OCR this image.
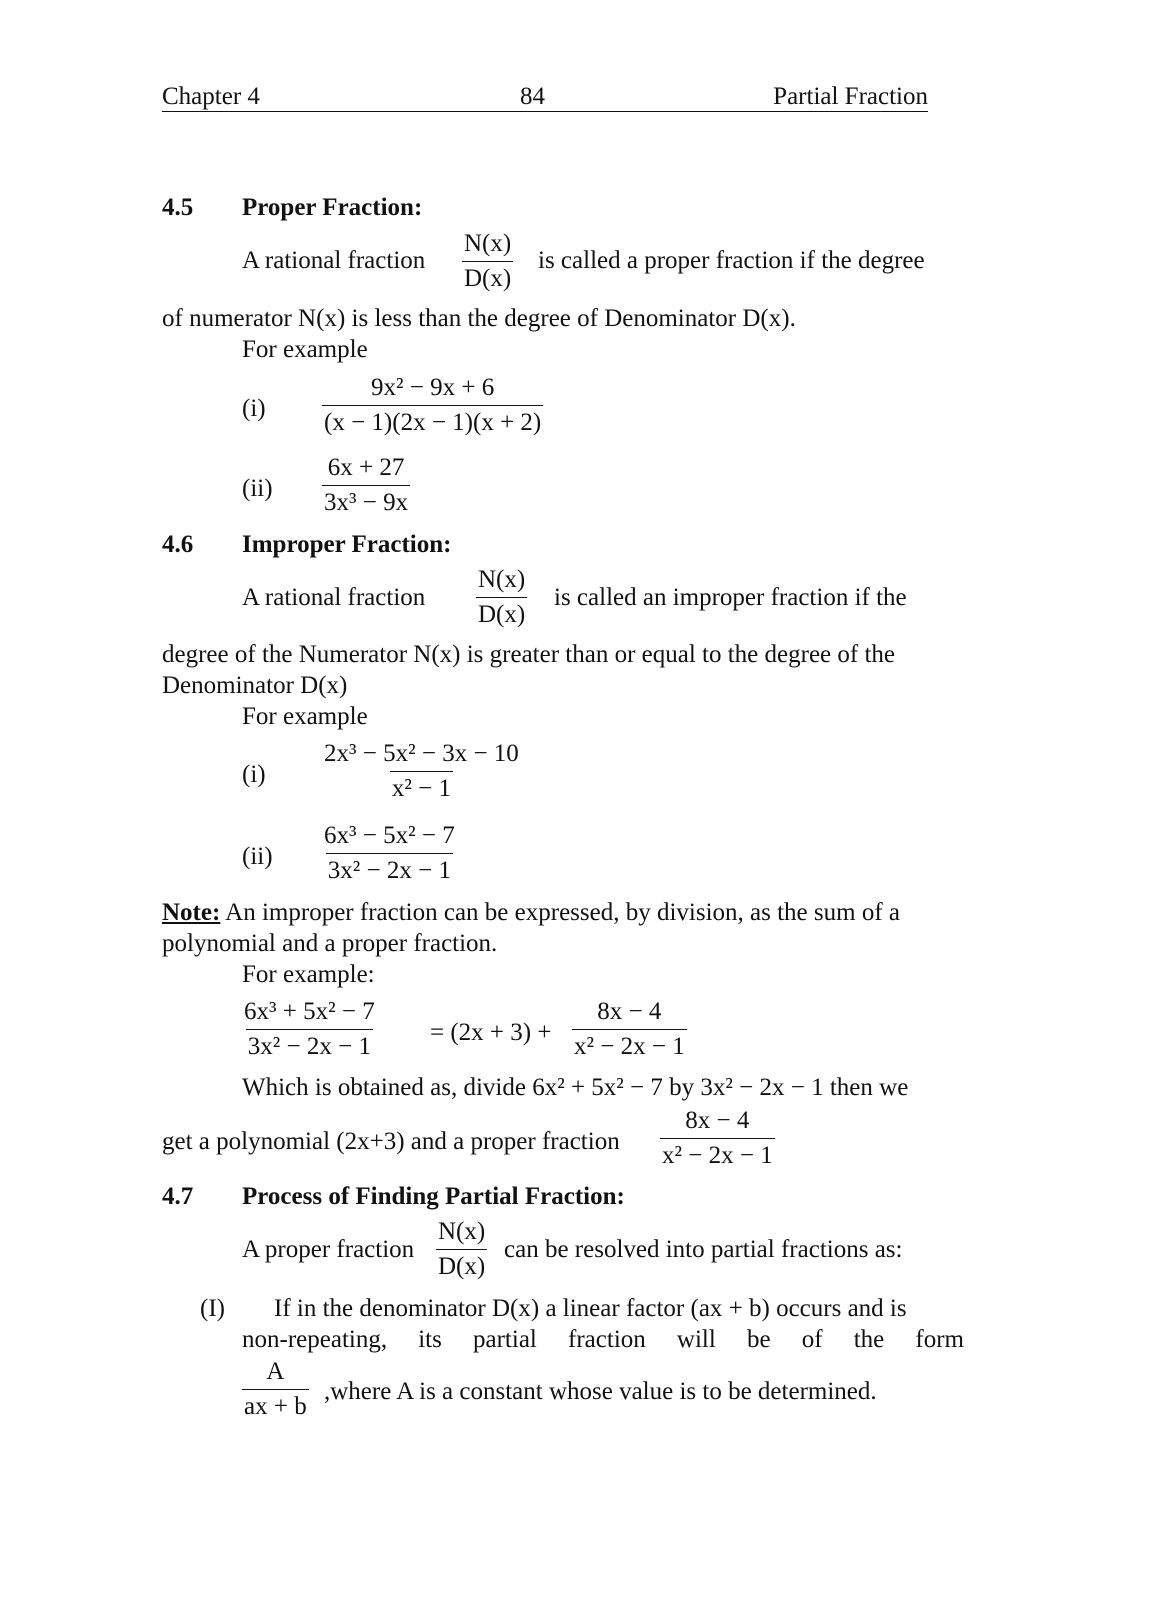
Chapter 4	84	Partial Fraction
4.5 Proper Fraction:
A rational fraction $\frac{N(x)}{D(x)}$ is called a proper fraction if the degree
of numerator N(x) is less than the degree of Denominator D(x).
For example
$(i) \frac{\text{9x² − 9x + 6}}{(x - 1)(2x - 1)(x + 2)}$
$(ii) \frac{6x + 27}{\text{3x³ − 9x}}$
4.6 Improper Fraction:
A rational fraction $\frac{N(x)}{D(x)}$ is called an improper fraction if the
degree of the Numerator N(x) is greater than or equal to the degree of the
Denominator D(x)
For example
$(i) \frac{\text{2x³ − 5x² − 3x − 10}}{\text{x² − 1}}$
$(ii) \frac{\text{6x³ − 5x² − 7}}{\text{3x² − 2x − 1}}$
Note: An improper fraction can be expressed, by division, as the sum of a
polynomial and a proper fraction.
For example:
$\frac{\text{6x³ + 5x² − 7}}{\text{3x² − 2x − 1}} = (2x + 3) + \frac{8x - 4}{\text{x² − 2x − 1}}$
Which is obtained as, divide 6x² + 5x² − 7 by 3x² − 2x − 1 then we
get a polynomial (2x+3) and a proper fraction $\frac{8x - 4}{\text{x² − 2x − 1}}$
4.7 Process of Finding Partial Fraction:
A proper fraction $\frac{N(x)}{D(x)}$ can be resolved into partial fractions as:
(I) If in the denominator D(x) a linear factor (ax + b) occurs and is
non-repeating, its partial fraction will be of the form
$\frac{A}{ax + b}$ ,where A is a constant whose value is to be determined.
